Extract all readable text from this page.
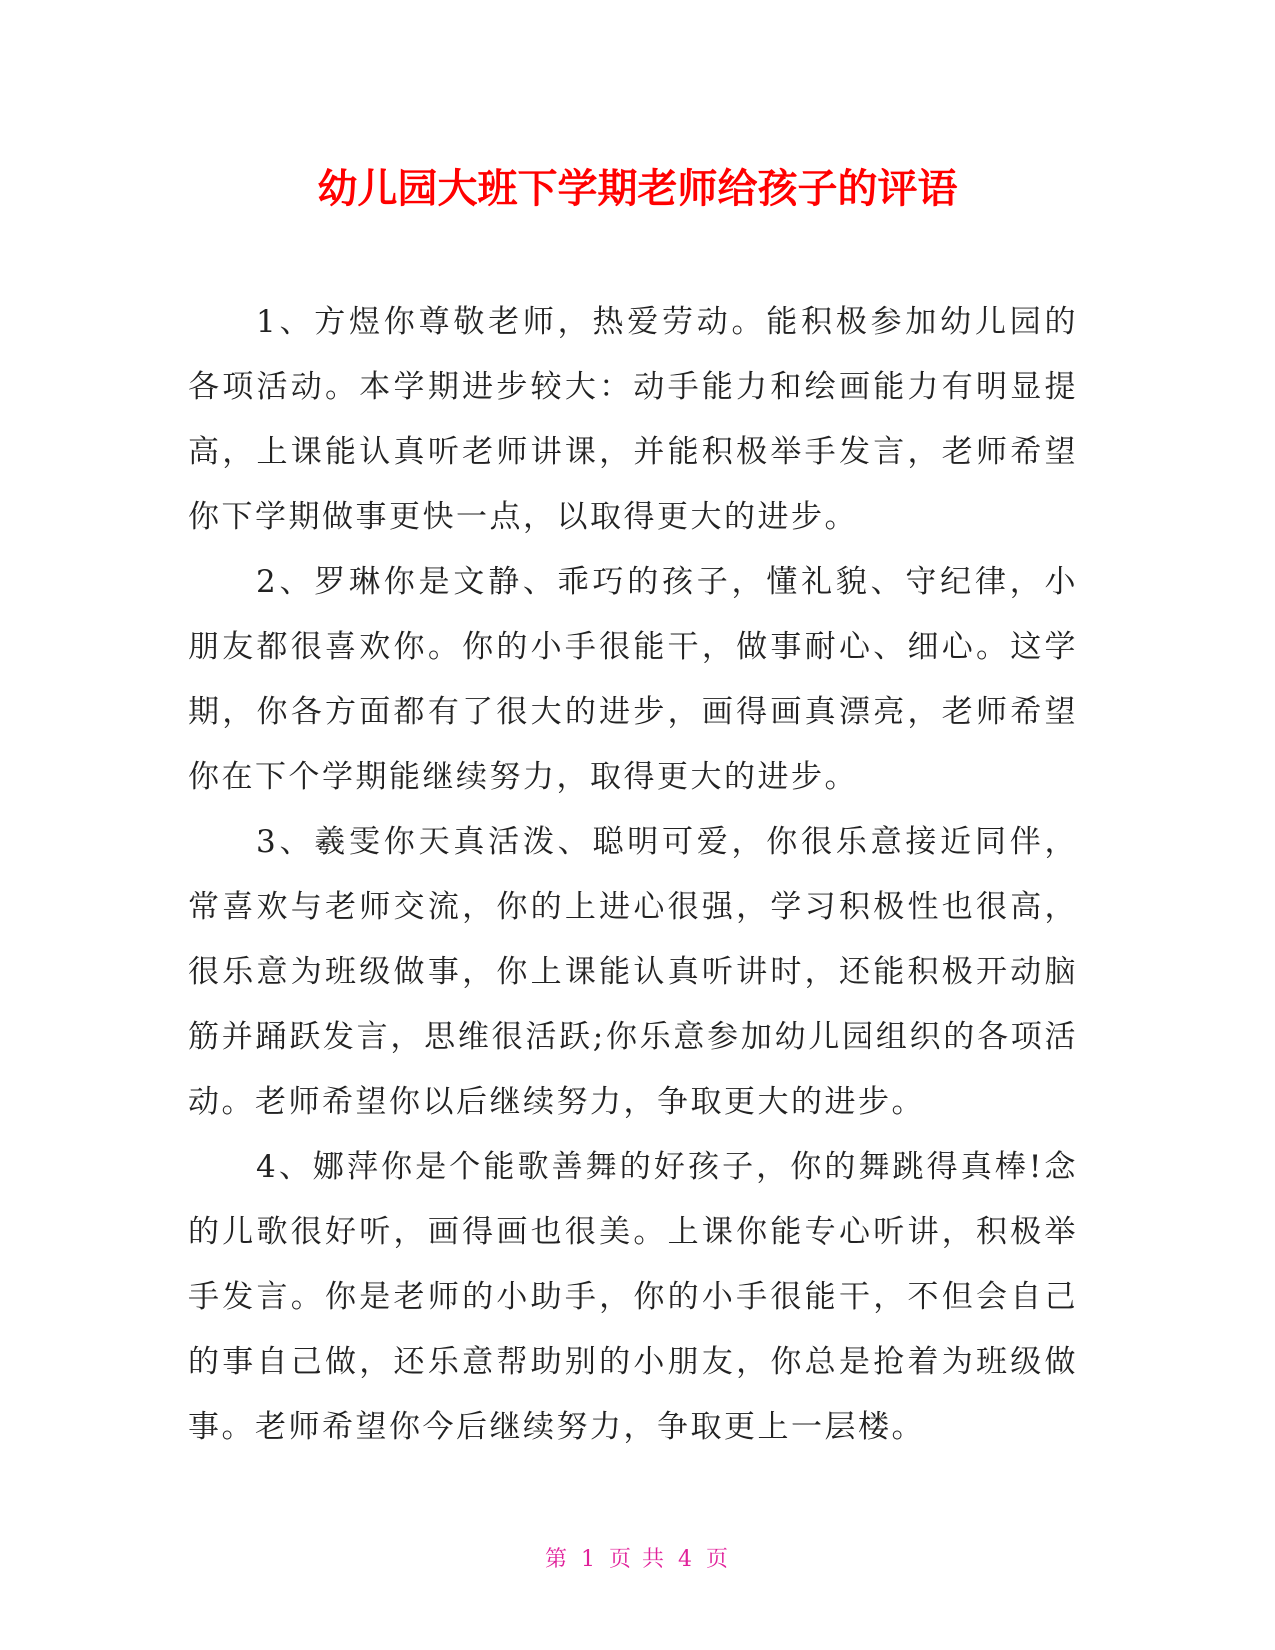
幼儿园大班下学期老师给孩子的评语

1、方煜你尊敬老师，热爱劳动。能积极参加幼儿园的各项活动。本学期进步较大：动手能力和绘画能力有明显提高，上课能认真听老师讲课，并能积极举手发言，老师希望你下学期做事更快一点，以取得更大的进步。

2、罗琳你是文静、乖巧的孩子，懂礼貌、守纪律，小朋友都很喜欢你。你的小手很能干，做事耐心、细心。这学期，你各方面都有了很大的进步，画得画真漂亮，老师希望你在下个学期能继续努力，取得更大的进步。

3、羲雯你天真活泼、聪明可爱，你很乐意接近同伴，常喜欢与老师交流，你的上进心很强，学习积极性也很高，很乐意为班级做事，你上课能认真听讲时，还能积极开动脑筋并踊跃发言，思维很活跃;你乐意参加幼儿园组织的各项活动。老师希望你以后继续努力，争取更大的进步。

4、娜萍你是个能歌善舞的好孩子，你的舞跳得真棒!念的儿歌很好听，画得画也很美。上课你能专心听讲，积极举手发言。你是老师的小助手，你的小手很能干，不但会自己的事自己做，还乐意帮助别的小朋友，你总是抢着为班级做事。老师希望你今后继续努力，争取更上一层楼。

第 1 页 共 4 页
